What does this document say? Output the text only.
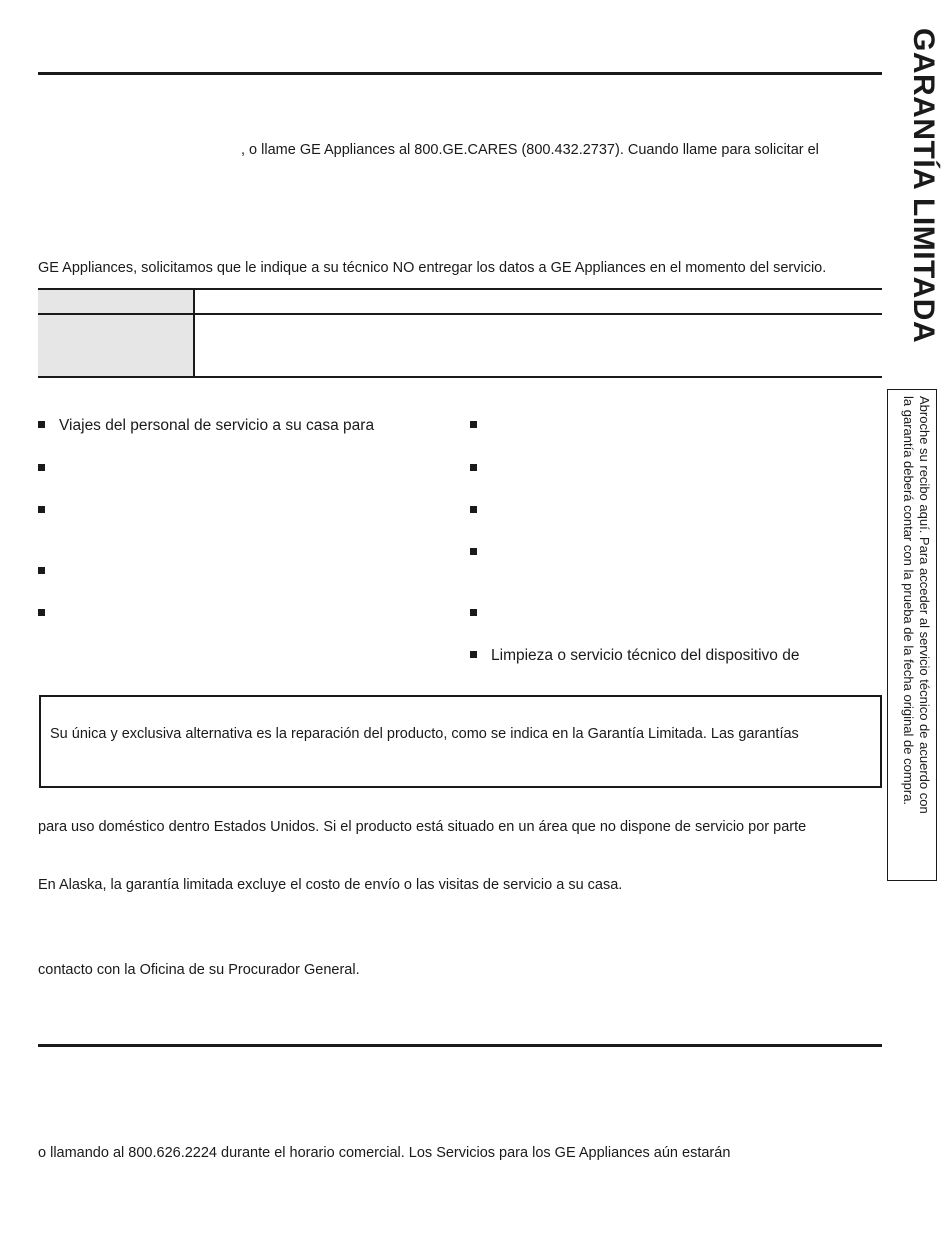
GARANTÍA LIMITADA
, o llame GE Appliances al 800.GE.CARES (800.432.2737). Cuando llame para solicitar el
GE Appliances, solicitamos que le indique a su técnico NO entregar los datos a GE Appliances en el momento del servicio.
Viajes del personal de servicio a su casa para
Limpieza o servicio técnico del dispositivo de
Su única y exclusiva alternativa es la reparación del producto, como se indica en la Garantía Limitada. Las garantías
para uso doméstico dentro Estados Unidos. Si el producto está situado en un área que no dispone de servicio por parte
En Alaska, la garantía limitada excluye el costo de envío o las visitas de servicio a su casa.
contacto con la Oficina de su Procurador General.
o llamando al 800.626.2224 durante el horario comercial. Los Servicios para los GE Appliances aún estarán
Abroche su recibo aquí. Para acceder al servicio técnico de acuerdo con
la garantía deberá contar con la prueba de la fecha original de compra.
